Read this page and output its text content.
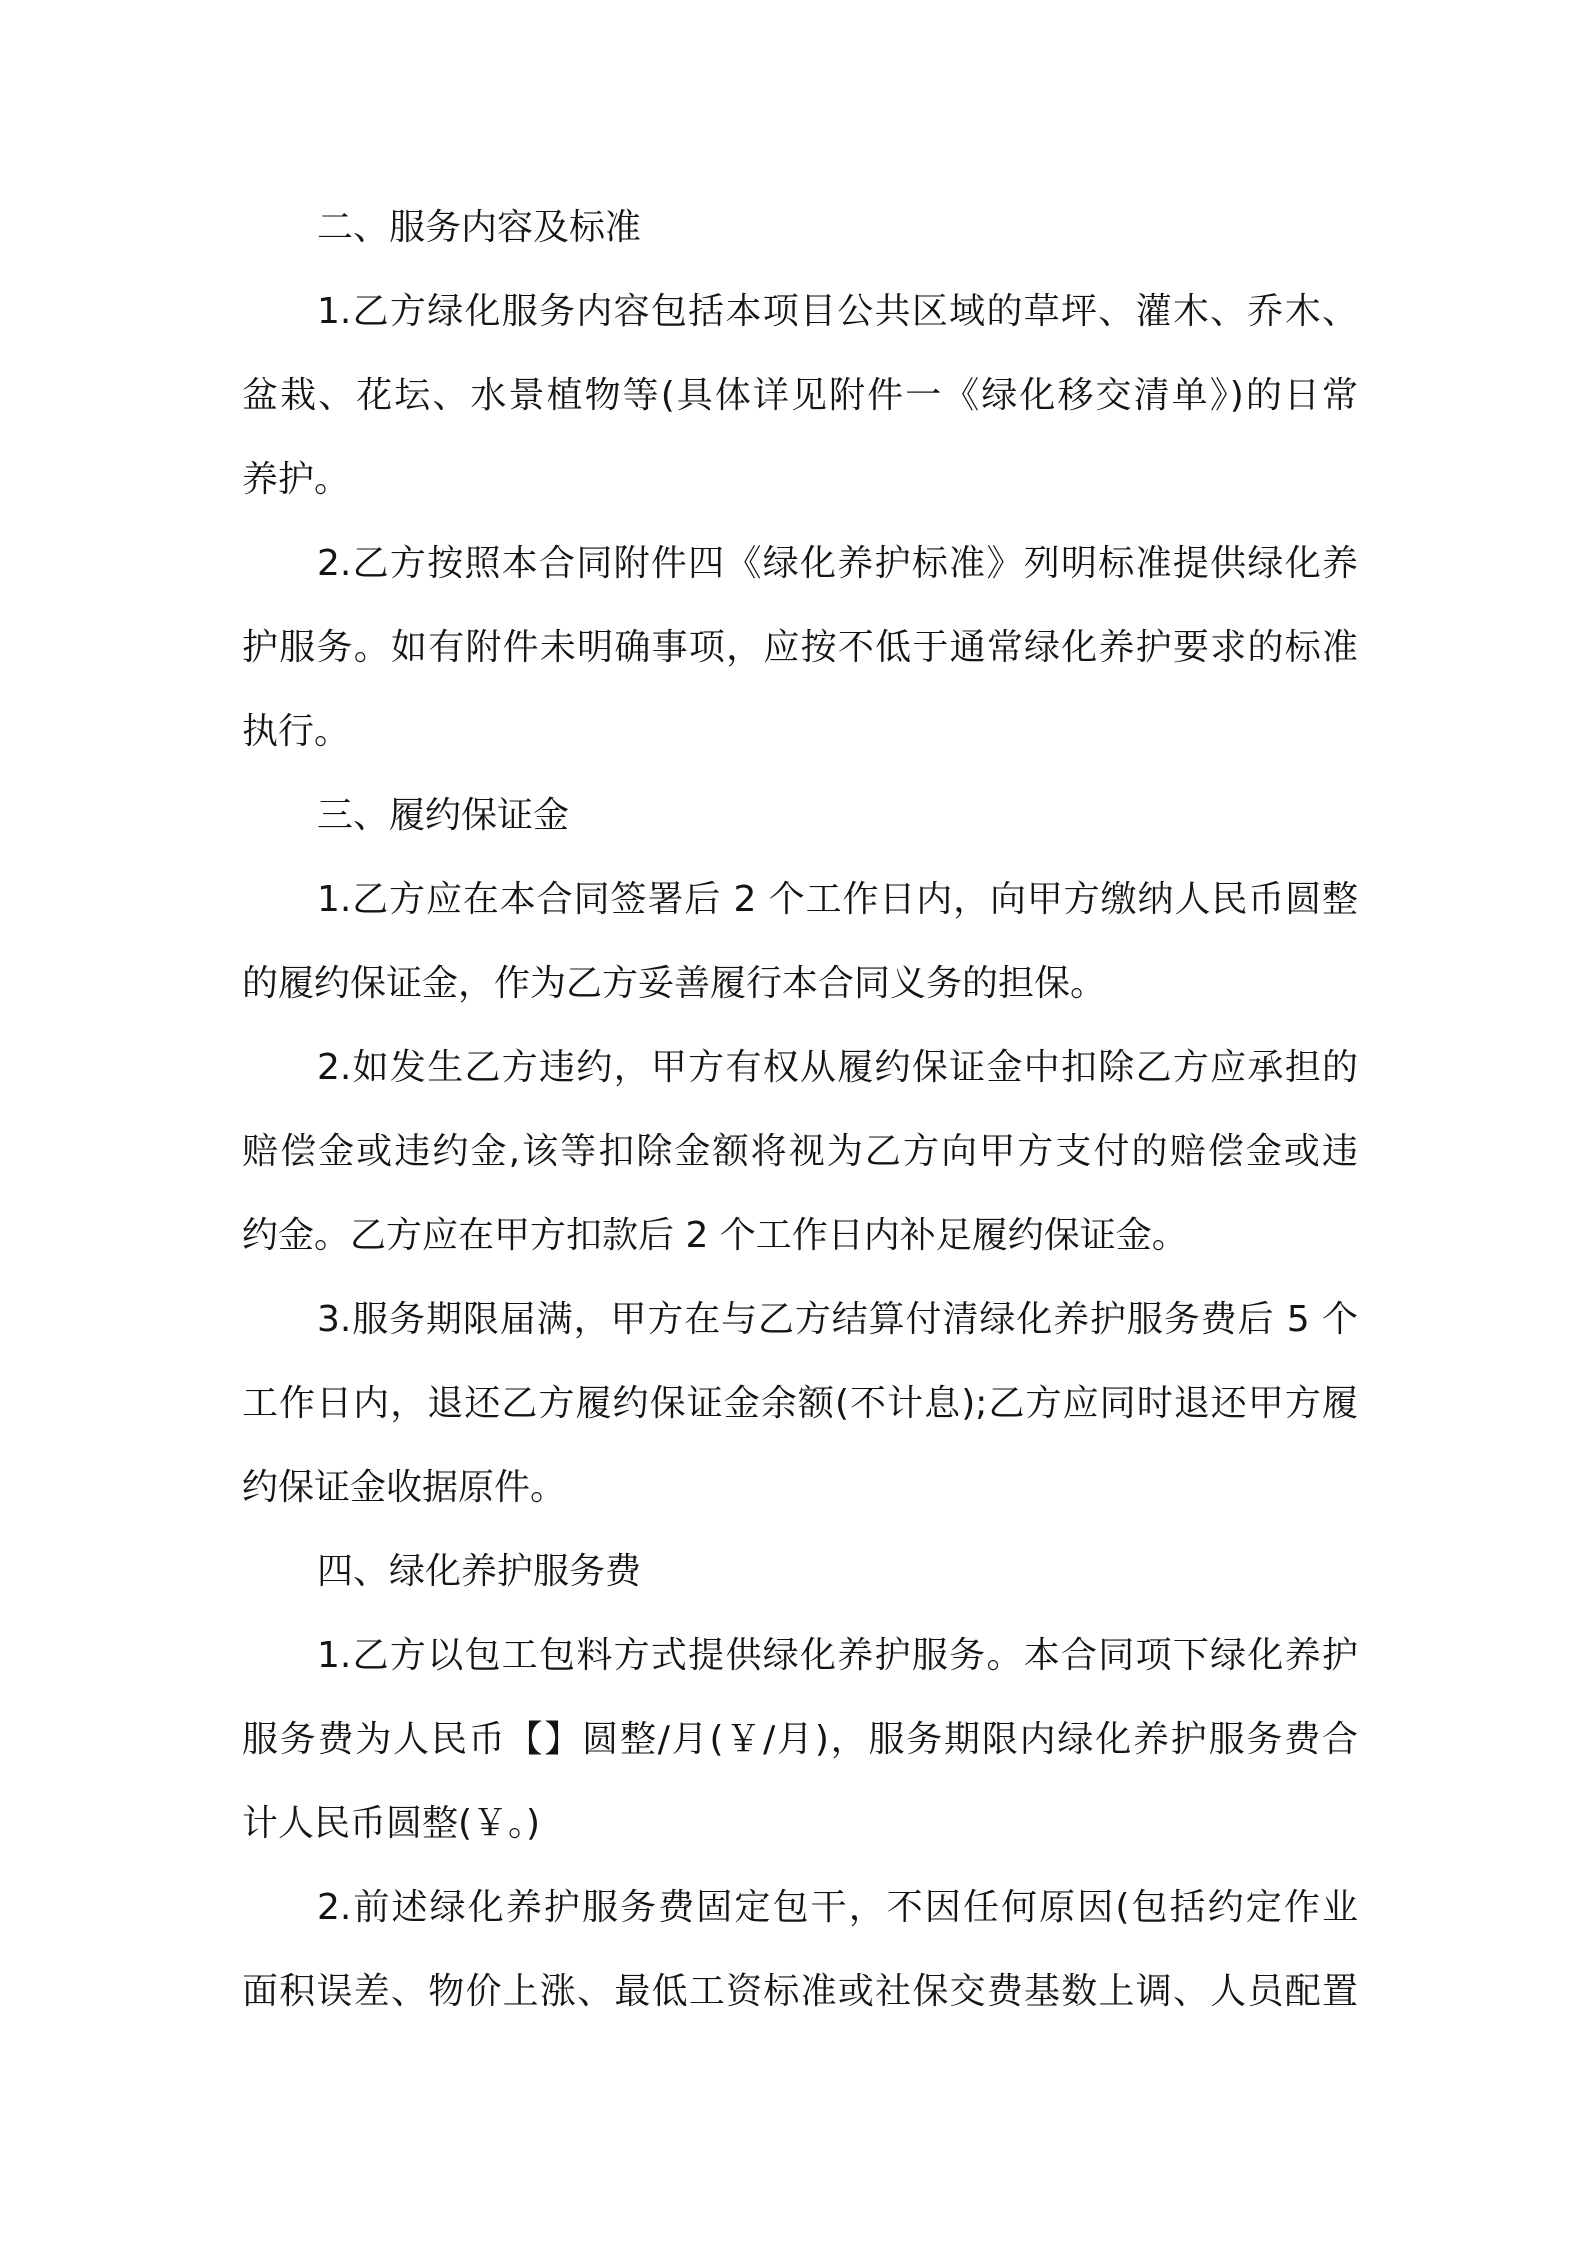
二、服务内容及标准
1.乙方绿化服务内容包括本项目公共区域的草坪、灌木、乔木、
盆栽、花坛、水景植物等(具体详见附件一《绿化移交清单》)的日常
养护。
2.乙方按照本合同附件四《绿化养护标准》列明标准提供绿化养
护服务。如有附件未明确事项，应按不低于通常绿化养护要求的标准
执行。
三、履约保证金
1.乙方应在本合同签署后 2 个工作日内，向甲方缴纳人民币圆整
的履约保证金，作为乙方妥善履行本合同义务的担保。
2.如发生乙方违约，甲方有权从履约保证金中扣除乙方应承担的
赔偿金或违约金,该等扣除金额将视为乙方向甲方支付的赔偿金或违
约金。乙方应在甲方扣款后 2 个工作日内补足履约保证金。
3.服务期限届满，甲方在与乙方结算付清绿化养护服务费后 5 个
工作日内，退还乙方履约保证金余额(不计息);乙方应同时退还甲方履
约保证金收据原件。
四、绿化养护服务费
1.乙方以包工包料方式提供绿化养护服务。本合同项下绿化养护
服务费为人民币【】圆整/月(￥/月)，服务期限内绿化养护服务费合
计人民币圆整(￥。)
2.前述绿化养护服务费固定包干，不因任何原因(包括约定作业
面积误差、物价上涨、最低工资标准或社保交费基数上调、人员配置
